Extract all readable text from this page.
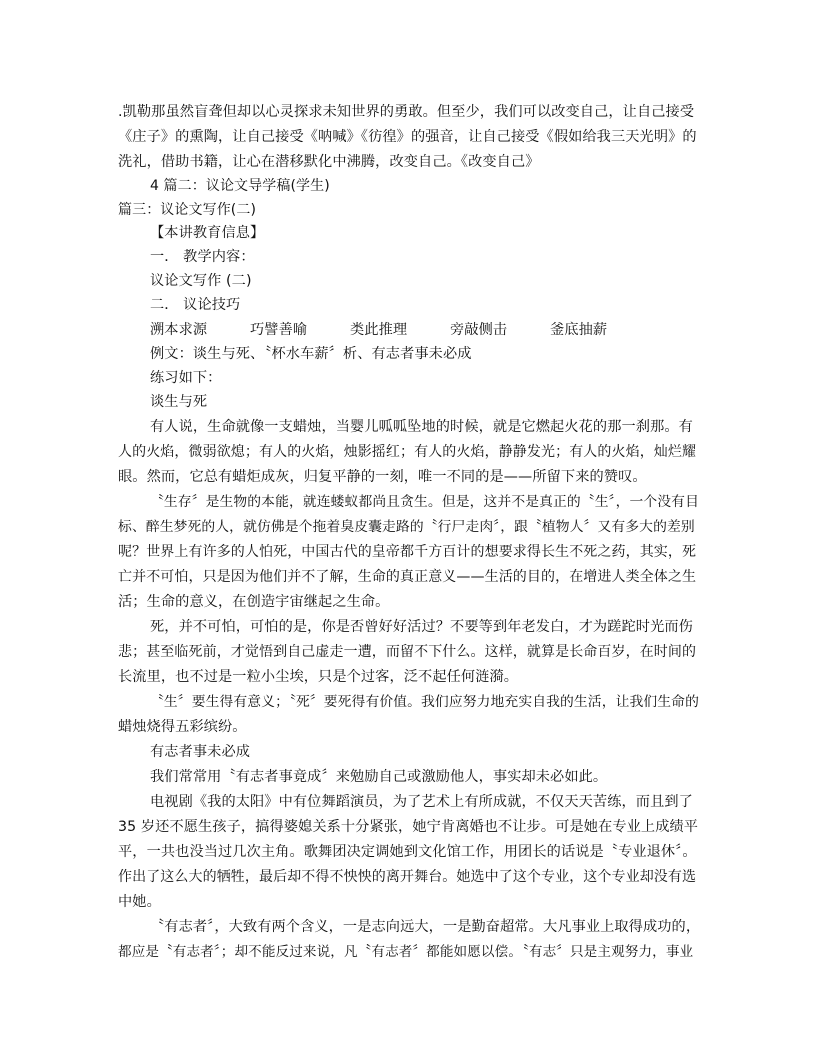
.凯勒那虽然盲聋但却以心灵探求未知世界的勇敢。但至少，我们可以改变自己，让自己接受
《庄子》的熏陶，让自己接受《呐喊》《彷徨》的强音，让自己接受《假如给我三天光明》的
洗礼，借助书籍，让心在潜移默化中沸腾，改变自己。《改变自己》
4 篇二：议论文导学稿(学生)
篇三：议论文写作(二)
【本讲教育信息】
一． 教学内容：
议论文写作 (二)
二． 议论技巧
溯本求源　　　巧譬善喻　　　类此推理　　　旁敲侧击　　　釜底抽薪
例文：谈生与死、〝杯水车薪〞析、有志者事未必成
练习如下：
谈生与死
有人说，生命就像一支蜡烛，当婴儿呱呱坠地的时候，就是它燃起火花的那一刹那。有
人的火焰，微弱欲熄；有人的火焰，烛影摇红；有人的火焰，静静发光；有人的火焰，灿烂耀
眼。然而，它总有蜡炬成灰，归复平静的一刻，唯一不同的是——所留下来的赞叹。
〝生存〞是生物的本能，就连蝼蚁都尚且贪生。但是，这并不是真正的〝生〞，一个没有目
标、醉生梦死的人，就仿佛是个拖着臭皮囊走路的〝行尸走肉〞，跟〝植物人〞又有多大的差别
呢？世界上有许多的人怕死，中国古代的皇帝都千方百计的想要求得长生不死之药，其实，死
亡并不可怕，只是因为他们并不了解，生命的真正意义——生活的目的，在增进人类全体之生
活；生命的意义，在创造宇宙继起之生命。
死，并不可怕，可怕的是，你是否曾好好活过？不要等到年老发白，才为蹉跎时光而伤
悲；甚至临死前，才觉悟到自己虚走一遭，而留不下什么。这样，就算是长命百岁，在时间的
长流里，也不过是一粒小尘埃，只是个过客，泛不起任何涟漪。
〝生〞要生得有意义；〝死〞要死得有价值。我们应努力地充实自我的生活，让我们生命的
蜡烛烧得五彩缤纷。
有志者事未必成
我们常常用〝有志者事竟成〞来勉励自己或激励他人，事实却未必如此。
电视剧《我的太阳》中有位舞蹈演员，为了艺术上有所成就，不仅天天苦练，而且到了
35 岁还不愿生孩子，搞得婆媳关系十分紧张，她宁肯离婚也不让步。可是她在专业上成绩平
平，一共也没当过几次主角。歌舞团决定调她到文化馆工作，用团长的话说是〝专业退休〞。
作出了这么大的牺牲，最后却不得不怏怏的离开舞台。她选中了这个专业，这个专业却没有选
中她。
〝有志者〞，大致有两个含义，一是志向远大，一是勤奋超常。大凡事业上取得成功的，
都应是〝有志者〞；却不能反过来说，凡〝有志者〞都能如愿以偿。〝有志〞只是主观努力，事业
